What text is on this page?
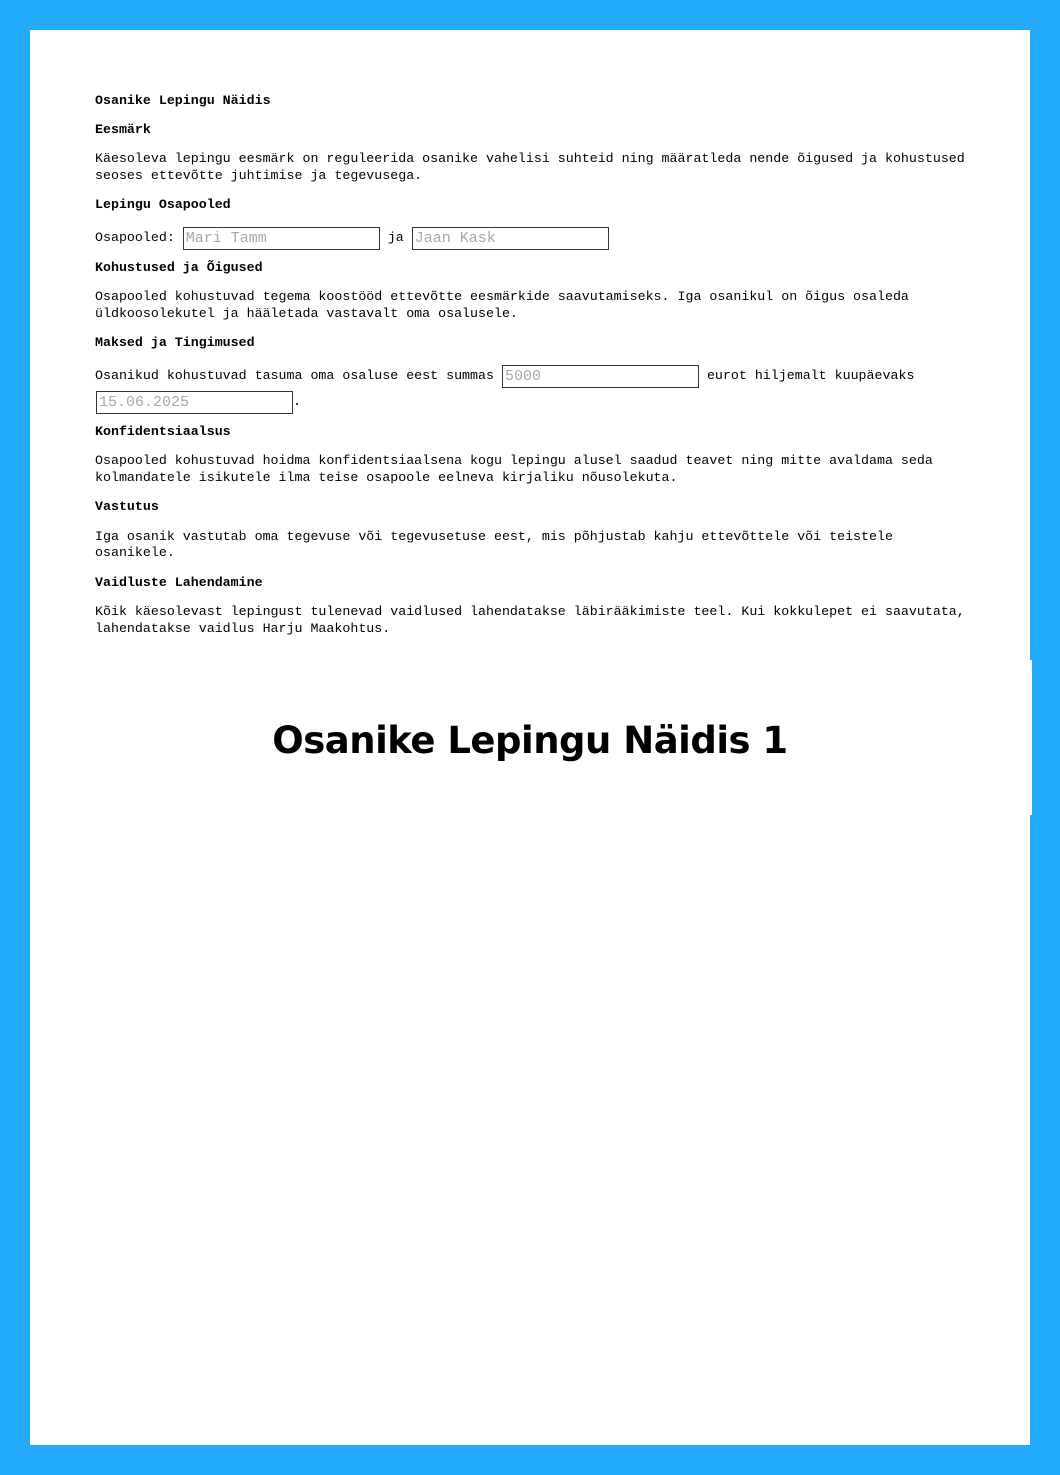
Osanike Lepingu Näidis

Eesmärk

Käesoleva lepingu eesmärk on reguleerida osanike vahelisi suhteid ning määratleda nende õigused ja kohustused seoses ettevõtte juhtimise ja tegevusega.

Lepingu Osapooled

Osapooled:

Mari Tamm
	ja

Jaan Kask

Kohustused ja Õigused

Osapooled kohustuvad tegema koostööd ettevõtte eesmärkide saavutamiseks. Iga osanikul on õigus osaleda üldkoosolekutel ja hääletada vastavalt oma osalusele.

Maksed ja Tingimused

Osanikud kohustuvad tasuma oma osaluse eest summas

5000
	eurot hiljemalt kuupäevaks
15.06.2025
.

Konfidentsiaalsus

Osapooled kohustuvad hoidma konfidentsiaalsena kogu lepingu alusel saadud teavet ning mitte avaldama seda kolmandatele isikutele ilma teise osapoole eelneva kirjaliku nõusolekuta.

Vastutus

Iga osanik vastutab oma tegevuse või tegevusetuse eest, mis põhjustab kahju ettevõttele või teistele osanikele.

Vaidluste Lahendamine

Kõik käesolevast lepingust tulenevad vaidlused lahendatakse läbirääkimiste teel. Kui kokkulepet ei saavutata, lahendatakse vaidlus Harju Maakohtus.

Osanike Lepingu Näidis 1
